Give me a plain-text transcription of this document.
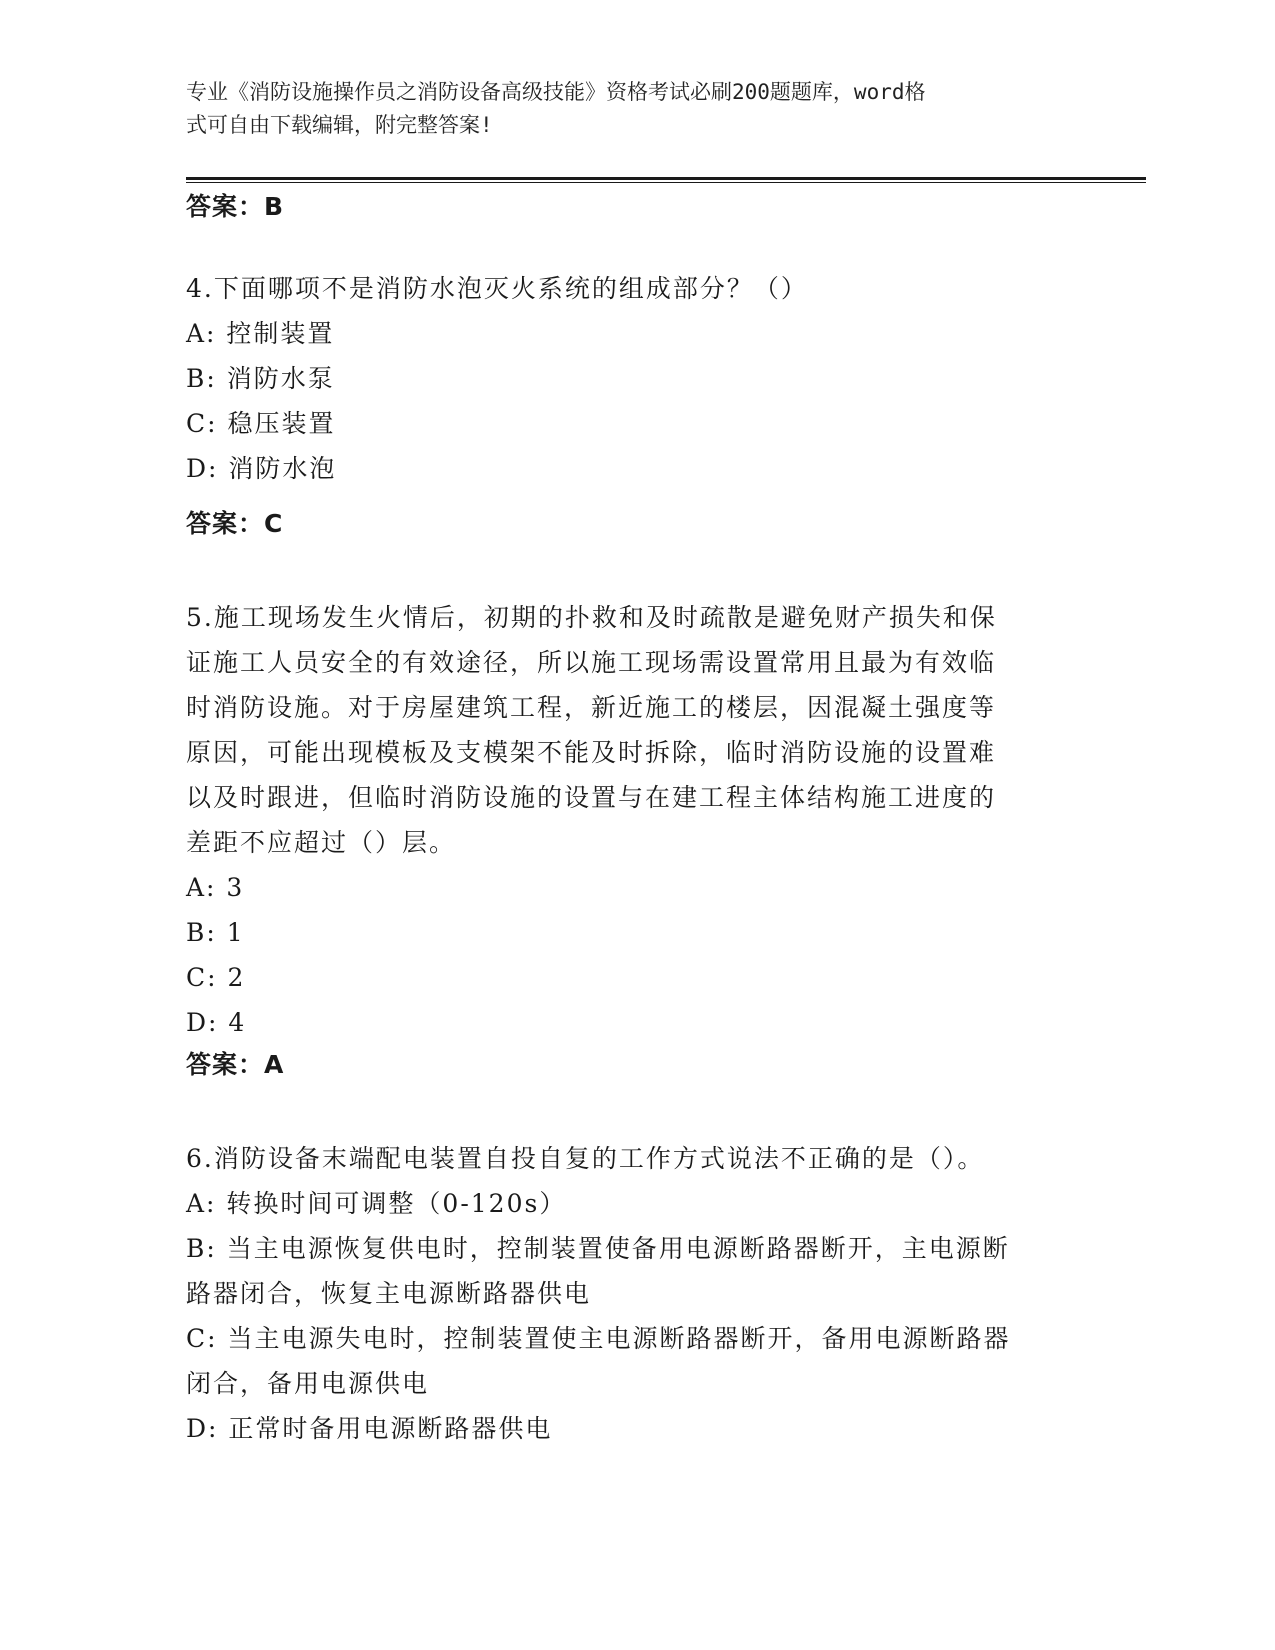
专业《消防设施操作员之消防设备高级技能》资格考试必刷200题题库，word格
式可自由下载编辑，附完整答案!
答案：B

4.下面哪项不是消防水泡灭火系统的组成部分？（）

A: 控制装置

B: 消防水泵

C: 稳压装置

D: 消防水泡

答案：C

5.施工现场发生火情后，初期的扑救和及时疏散是避免财产损失和保

证施工人员安全的有效途径，所以施工现场需设置常用且最为有效临

时消防设施。对于房屋建筑工程，新近施工的楼层，因混凝土强度等

原因，可能出现模板及支模架不能及时拆除，临时消防设施的设置难

以及时跟进，但临时消防设施的设置与在建工程主体结构施工进度的

差距不应超过（）层。

A: 3

B: 1

C: 2

D: 4

答案：A

6.消防设备末端配电装置自投自复的工作方式说法不正确的是（）。

A: 转换时间可调整（0-120s）

B: 当主电源恢复供电时，控制装置使备用电源断路器断开，主电源断

路器闭合，恢复主电源断路器供电

C: 当主电源失电时，控制装置使主电源断路器断开，备用电源断路器

闭合，备用电源供电

D: 正常时备用电源断路器供电
